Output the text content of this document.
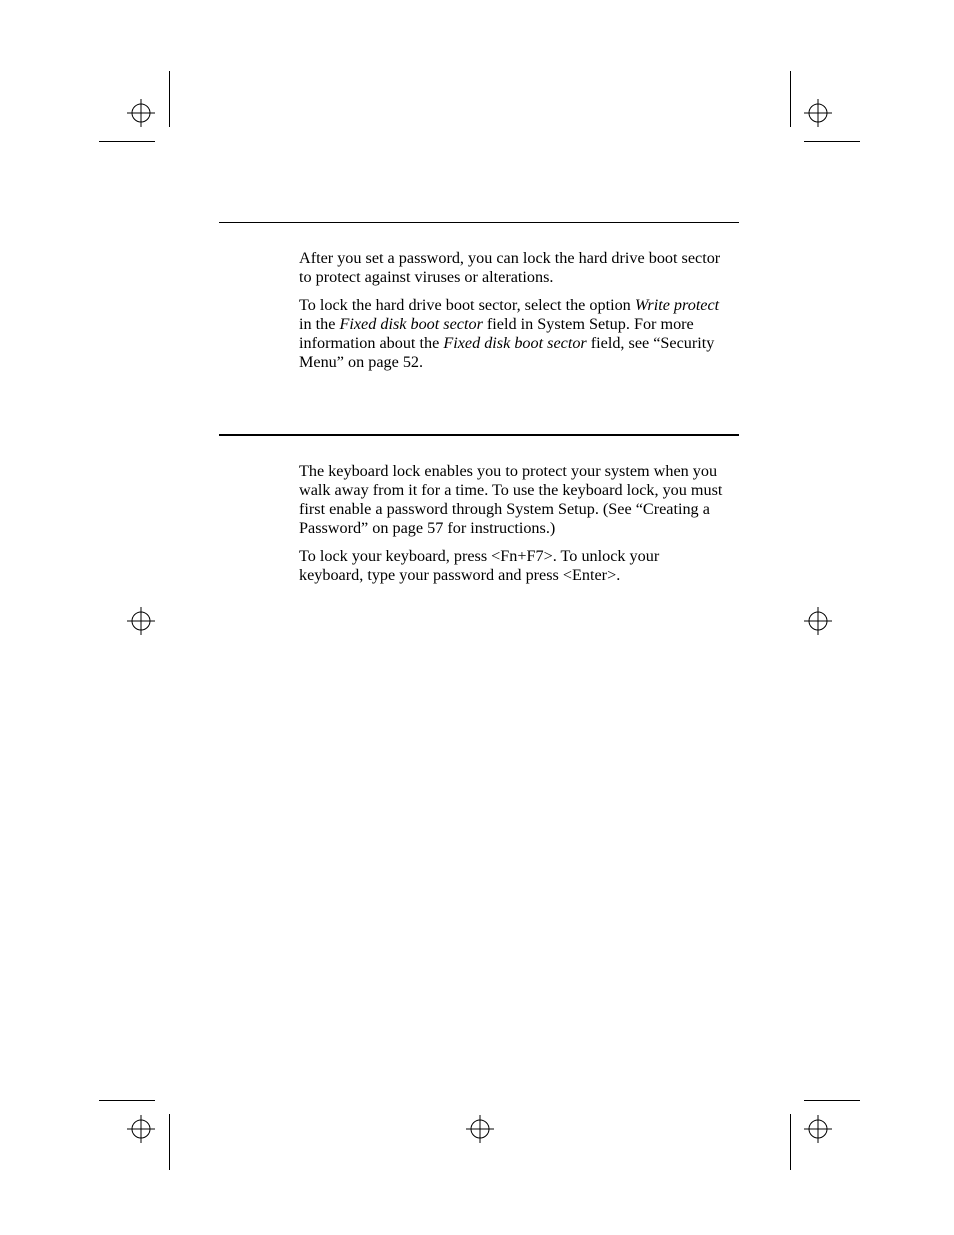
After you set a password, you can lock the hard drive boot sector
to protect against viruses or alterations.

To lock the hard drive boot sector, select the option Write protect
in the Fixed disk boot sector field in System Setup. For more
information about the Fixed disk boot sector field, see “Security
Menu” on page 52.

The keyboard lock enables you to protect your system when you
walk away from it for a time. To use the keyboard lock, you must
first enable a password through System Setup. (See “Creating a
Password” on page 57 for instructions.)

To lock your keyboard, press <Fn+F7>. To unlock your
keyboard, type your password and press <Enter>.
